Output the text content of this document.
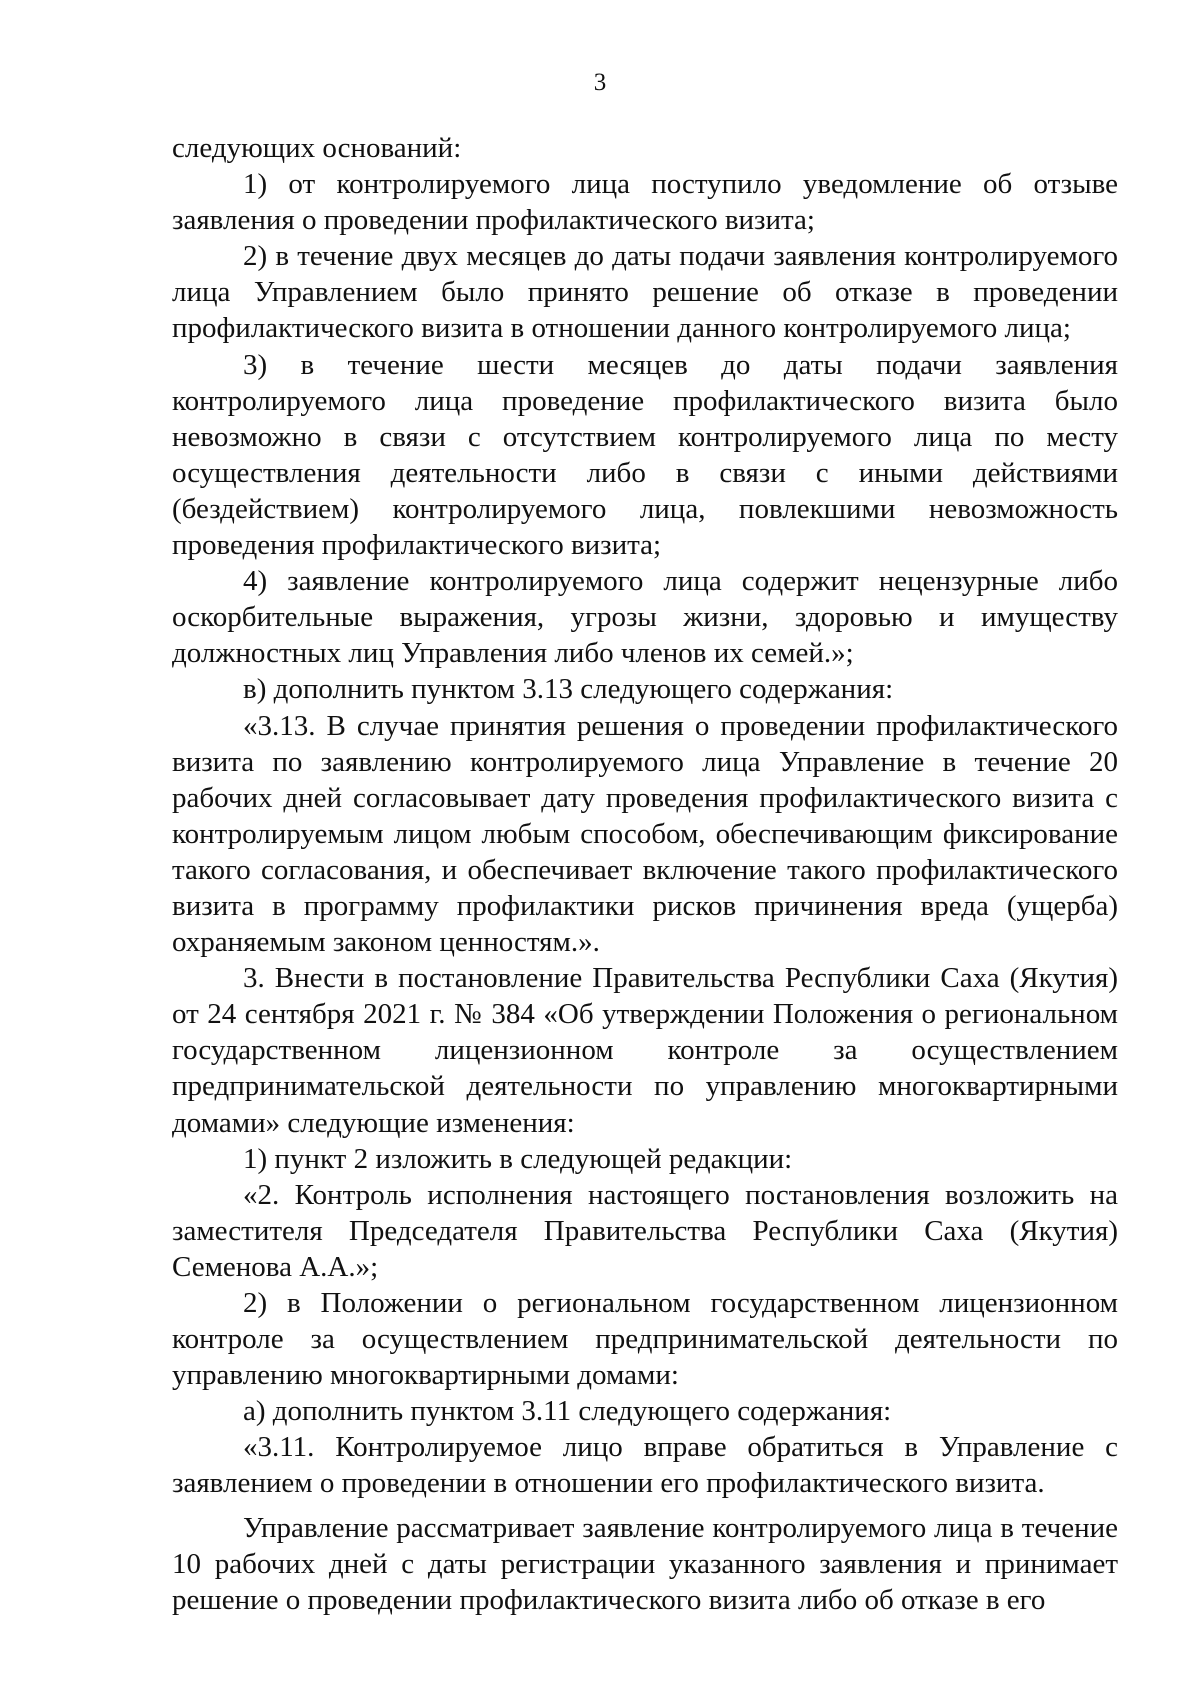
3

следующих оснований:

1) от контролируемого лица поступило уведомление об отзыве заявления о проведении профилактического визита;

2) в течение двух месяцев до даты подачи заявления контролируемого лица Управлением было принято решение об отказе в проведении профилактического визита в отношении данного контролируемого лица;

3) в течение шести месяцев до даты подачи заявления контролируемого лица проведение профилактического визита было невозможно в связи с отсутствием контролируемого лица по месту осуществления деятельности либо в связи с иными действиями (бездействием) контролируемого лица, повлекшими невозможность проведения профилактического визита;

4) заявление контролируемого лица содержит нецензурные либо оскорбительные выражения, угрозы жизни, здоровью и имуществу должностных лиц Управления либо членов их семей.»;

в) дополнить пунктом 3.13 следующего содержания:

«3.13. В случае принятия решения о проведении профилактического визита по заявлению контролируемого лица Управление в течение 20 рабочих дней согласовывает дату проведения профилактического визита с контролируемым лицом любым способом, обеспечивающим фиксирование такого согласования, и обеспечивает включение такого профилактического визита в программу профилактики рисков причинения вреда (ущерба) охраняемым законом ценностям.».

3. Внести в постановление Правительства Республики Саха (Якутия) от 24 сентября 2021 г. № 384 «Об утверждении Положения о региональном государственном лицензионном контроле за осуществлением предпринимательской деятельности по управлению многоквартирными домами» следующие изменения:

1) пункт 2 изложить в следующей редакции:

«2. Контроль исполнения настоящего постановления возложить на заместителя Председателя Правительства Республики Саха (Якутия) Семенова А.А.»;

2) в Положении о региональном государственном лицензионном контроле за осуществлением предпринимательской деятельности по управлению многоквартирными домами:

а) дополнить пунктом 3.11 следующего содержания:

«3.11. Контролируемое лицо вправе обратиться в Управление с заявлением о проведении в отношении его профилактического визита.

Управление рассматривает заявление контролируемого лица в течение 10 рабочих дней с даты регистрации указанного заявления и принимает решение о проведении профилактического визита либо об отказе в его
